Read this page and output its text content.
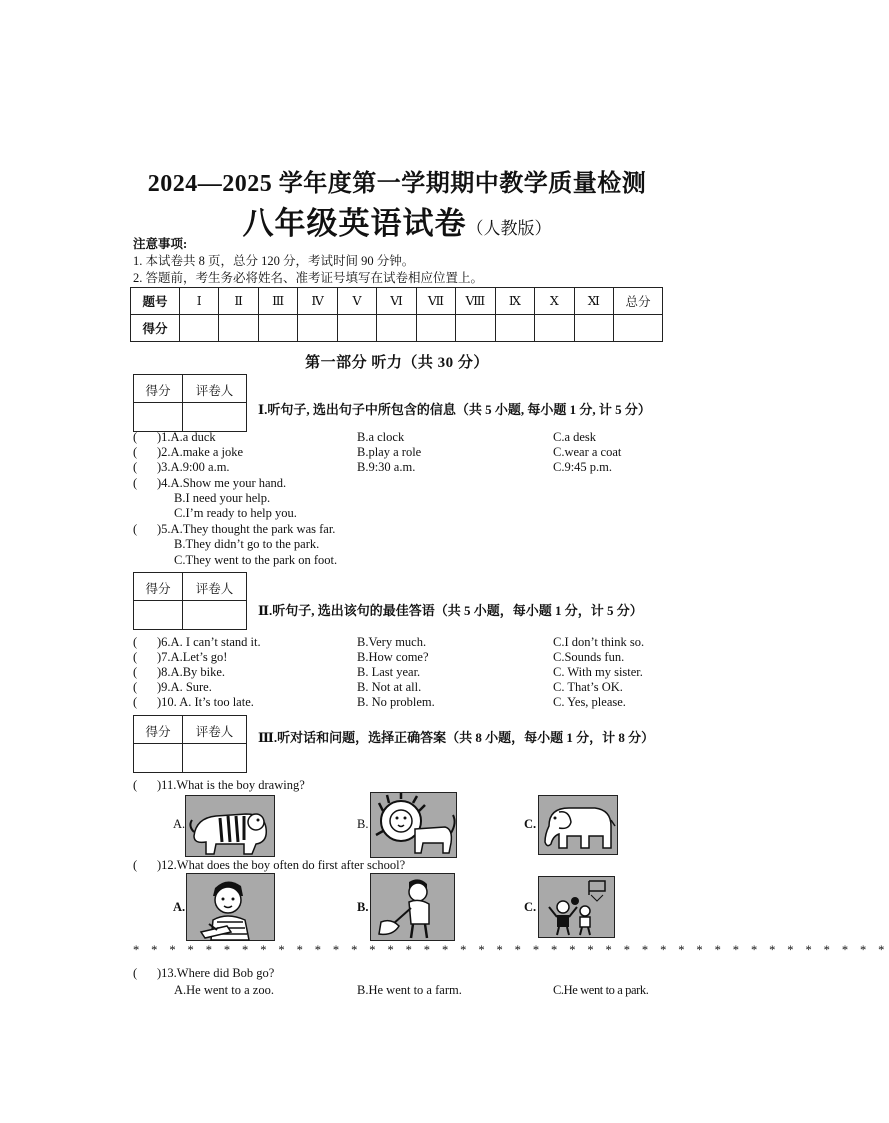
2024—2025 学年度第一学期期中教学质量检测
八年级英语试卷（人教版）
注意事项:
1. 本试卷共 8 页，总分 120 分，考试时间 90 分钟。
2. 答题前，考生务必将姓名、准考证号填写在试卷相应位置上。
题号	Ⅰ	Ⅱ	Ⅲ	Ⅳ	Ⅴ	Ⅵ	Ⅶ	Ⅷ	Ⅸ	Ⅹ	Ⅺ	总分
得分												
第一部分 听力（共 30 分）
得分	评卷人
Ⅰ.听句子, 选出句子中所包含的信息（共 5 小题, 每小题 1 分, 计 5 分）
( )1.A.a duck	B.a clock	C.a desk
( )2.A.make a joke	B.play a role	C.wear a coat
( )3.A.9:00 a.m.	B.9:30 a.m.	C.9:45 p.m.
( )4.A.Show me your hand.
B.I need your help.
C.I’m ready to help you.
( )5.A.They thought the park was far.
B.They didn’t go to the park.
C.They went to the park on foot.
得分	评卷人
Ⅱ.听句子, 选出该句的最佳答语（共 5 小题，每小题 1 分，计 5 分）
( )6.A. I can’t stand it.	B.Very much.	C.I don’t think so.
( )7.A.Let’s go!	B.How come?	C.Sounds fun.
( )8.A.By bike.	B. Last year.	C. With my sister.
( )9.A. Sure.	B. Not at all.	C. That’s OK.
( )10. A. It’s too late.	B. No problem.	C. Yes, please.
得分	评卷人	Ⅲ.听对话和问题，选择正确答案（共 8 小题，每小题 1 分，计 8 分）
( )11.What is the boy drawing?
A.	B.	C.
( )12.What does the boy often do first after school?
A.	B.	C.
* * * * * * * * * * * * * * * * * * * * * * * * * * * * * * * * * * * * * * * * * *
( )13.Where did Bob go?
A.He went to a zoo.	B.He went to a farm.	C.He went to a park.
